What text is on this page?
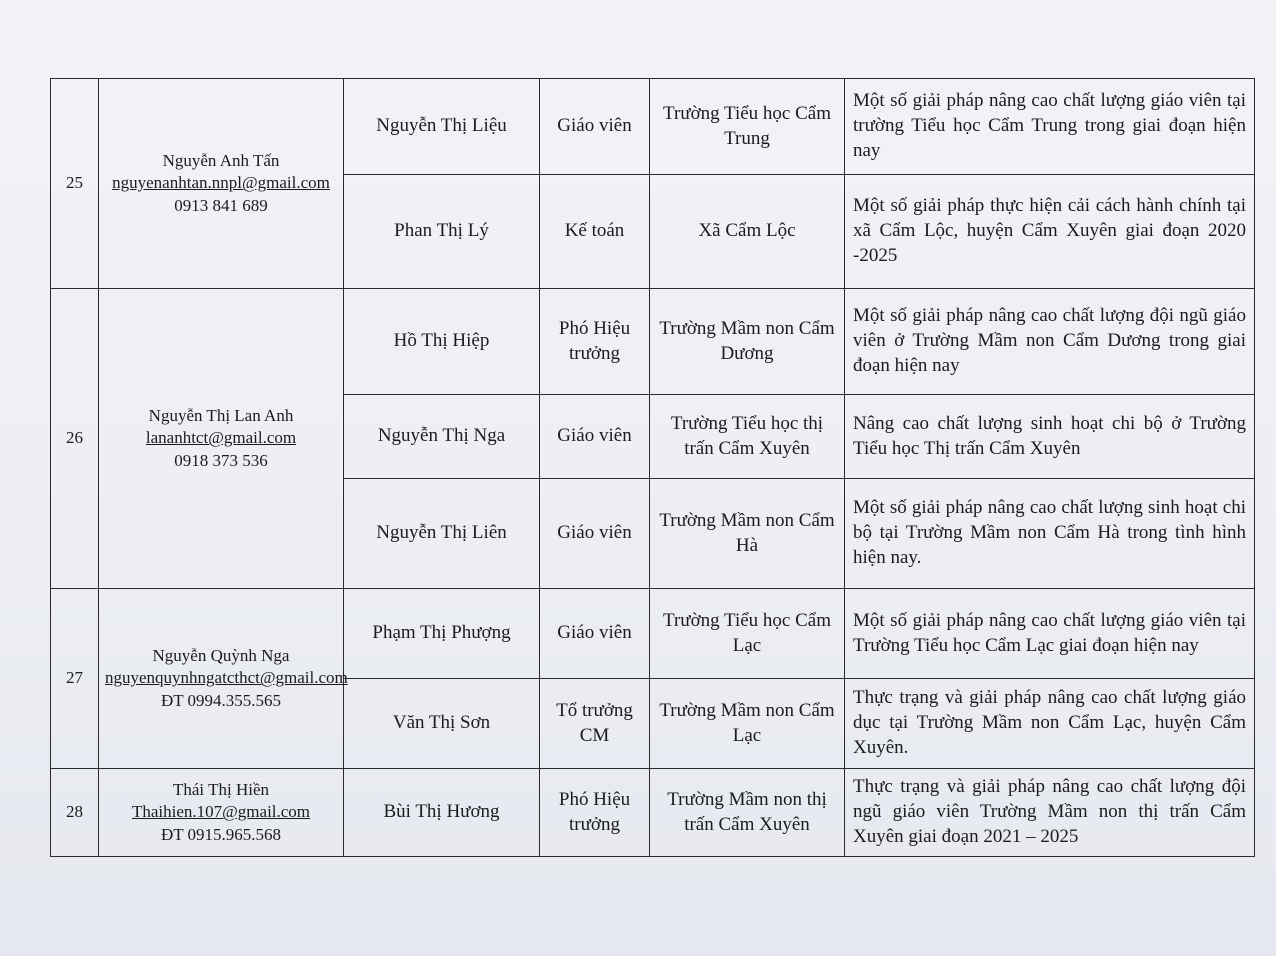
25	Nguyễn Anh Tấn
nguyenanhtan.nnpl@gmail.com
0913 841 689	Nguyễn Thị Liệu	Giáo viên	Trường Tiểu học Cẩm Trung	Một số giải pháp nâng cao chất lượng giáo viên tại trường Tiểu học Cẩm Trung trong giai đoạn hiện nay
		Phan Thị Lý	Kế toán	Xã Cẩm Lộc	Một số giải pháp thực hiện cải cách hành chính tại xã Cẩm Lộc, huyện Cẩm Xuyên giai đoạn 2020 -2025
26	Nguyễn Thị Lan Anh
lananhtct@gmail.com
0918 373 536	Hồ Thị Hiệp	Phó Hiệu trưởng	Trường Mầm non Cẩm Dương	Một số giải pháp nâng cao chất lượng đội ngũ giáo viên ở Trường Mầm non Cẩm Dương trong giai đoạn hiện nay
		Nguyễn Thị Nga	Giáo viên	Trường Tiểu học thị trấn Cẩm Xuyên	Nâng cao chất lượng sinh hoạt chi bộ ở Trường Tiểu học Thị trấn Cẩm Xuyên
		Nguyễn Thị Liên	Giáo viên	Trường Mầm non Cẩm Hà	Một số giải pháp nâng cao chất lượng sinh hoạt chi bộ tại Trường Mầm non Cẩm Hà trong tình hình hiện nay.
27	Nguyễn Quỳnh Nga
nguyenquynhngatcthct@gmail.com
ĐT 0994.355.565	Phạm Thị Phượng	Giáo viên	Trường Tiểu học Cẩm Lạc	Một số giải pháp nâng cao chất lượng giáo viên tại Trường Tiểu học Cẩm Lạc giai đoạn hiện nay
		Văn Thị Sơn	Tổ trưởng CM	Trường Mầm non Cẩm Lạc	Thực trạng và giải pháp nâng cao chất lượng giáo dục tại Trường Mầm non Cẩm Lạc, huyện Cẩm Xuyên.
28	Thái Thị Hiền
Thaihien.107@gmail.com
ĐT 0915.965.568	Bùi Thị Hương	Phó Hiệu trưởng	Trường Mầm non thị trấn Cẩm Xuyên	Thực trạng và giải pháp nâng cao chất lượng đội ngũ giáo viên Trường Mầm non thị trấn Cẩm Xuyên giai đoạn 2021 – 2025
